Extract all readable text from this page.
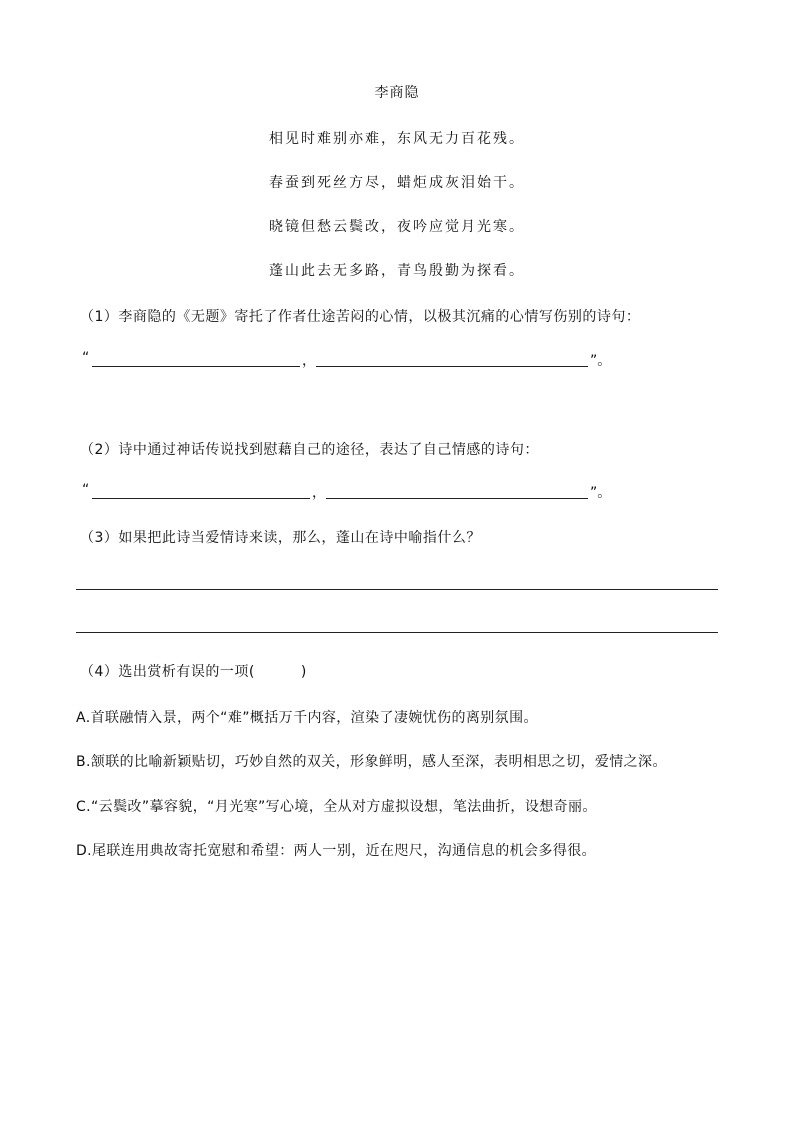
李商隐
相见时难别亦难，东风无力百花残。
春蚕到死丝方尽，蜡炬成灰泪始干。
晓镜但愁云鬓改，夜吟应觉月光寒。
蓬山此去无多路，青鸟殷勤为探看。
（1）李商隐的《无题》寄托了作者仕途苦闷的心情，以极其沉痛的心情写伤别的诗句：
“	，	”。
（2）诗中通过神话传说找到慰藉自己的途径，表达了自己情感的诗句：
“	，	”。
（3）如果把此诗当爱情诗来读，那么，蓬山在诗中喻指什么？
（4）选出赏析有误的一项(	)
A.首联融情入景，两个“难”概括万千内容，渲染了凄婉忧伤的离别氛围。
B.颔联的比喻新颖贴切，巧妙自然的双关，形象鲜明，感人至深，表明相思之切，爱情之深。
C.“云鬓改”摹容貌，“月光寒”写心境，全从对方虚拟设想，笔法曲折，设想奇丽。
D.尾联连用典故寄托宽慰和希望：两人一别，近在咫尺，沟通信息的机会多得很。
